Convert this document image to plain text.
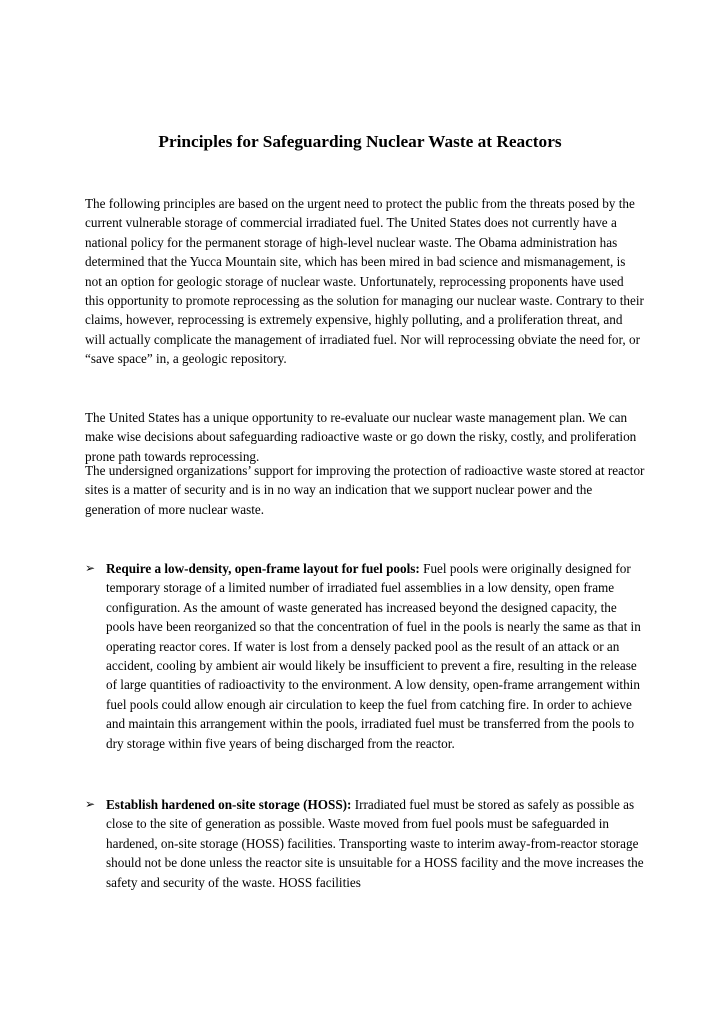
Principles for Safeguarding Nuclear Waste at Reactors

The following principles are based on the urgent need to protect the public from the threats posed by the current vulnerable storage of commercial irradiated fuel. The United States does not currently have a national policy for the permanent storage of high-level nuclear waste. The Obama administration has determined that the Yucca Mountain site, which has been mired in bad science and mismanagement, is not an option for geologic storage of nuclear waste. Unfortunately, reprocessing proponents have used this opportunity to promote reprocessing as the solution for managing our nuclear waste. Contrary to their claims, however, reprocessing is extremely expensive, highly polluting, and a proliferation threat, and will actually complicate the management of irradiated fuel. Nor will reprocessing obviate the need for, or “save space” in, a geologic repository.

The United States has a unique opportunity to re-evaluate our nuclear waste management plan. We can make wise decisions about safeguarding radioactive waste or go down the risky, costly, and proliferation prone path towards reprocessing.

The undersigned organizations’ support for improving the protection of radioactive waste stored at reactor sites is a matter of security and is in no way an indication that we support nuclear power and the generation of more nuclear waste.

➢ Require a low-density, open-frame layout for fuel pools: Fuel pools were originally designed for temporary storage of a limited number of irradiated fuel assemblies in a low density, open frame configuration. As the amount of waste generated has increased beyond the designed capacity, the pools have been reorganized so that the concentration of fuel in the pools is nearly the same as that in operating reactor cores. If water is lost from a densely packed pool as the result of an attack or an accident, cooling by ambient air would likely be insufficient to prevent a fire, resulting in the release of large quantities of radioactivity to the environment. A low density, open-frame arrangement within fuel pools could allow enough air circulation to keep the fuel from catching fire. In order to achieve and maintain this arrangement within the pools, irradiated fuel must be transferred from the pools to dry storage within five years of being discharged from the reactor.
➢ Establish hardened on-site storage (HOSS): Irradiated fuel must be stored as safely as possible as close to the site of generation as possible. Waste moved from fuel pools must be safeguarded in hardened, on-site storage (HOSS) facilities. Transporting waste to interim away-from-reactor storage should not be done unless the reactor site is unsuitable for a HOSS facility and the move increases the safety and security of the waste. HOSS facilities
